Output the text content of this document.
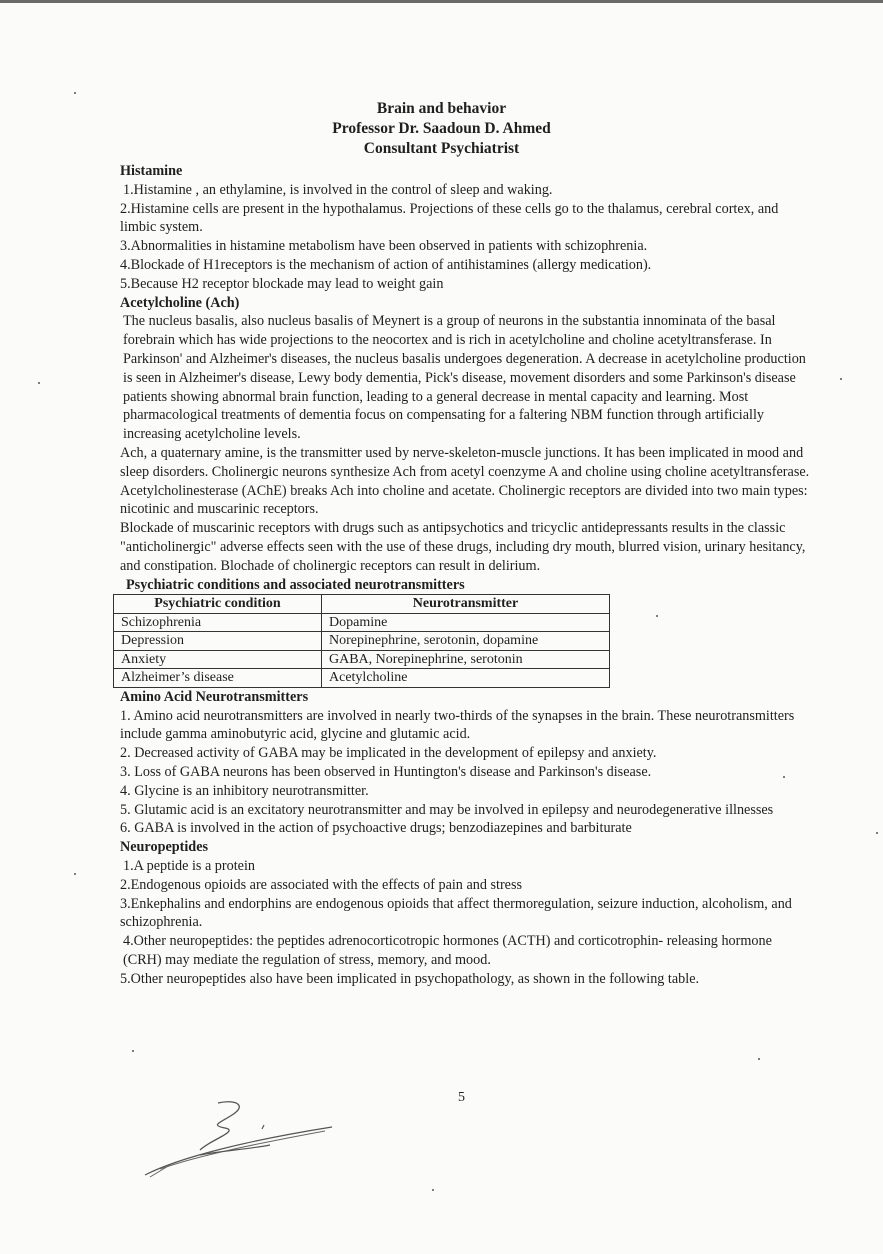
Brain and behavior
Professor Dr. Saadoun D. Ahmed
Consultant Psychiatrist
Histamine

1.Histamine , an ethylamine, is involved in the control of sleep and waking.

2.Histamine cells are present in the hypothalamus. Projections of these cells go to the thalamus, cerebral cortex, and limbic system.

3.Abnormalities in histamine metabolism have been observed in patients with schizophrenia.

4.Blockade of H1receptors is the mechanism of action of antihistamines (allergy medication).

5.Because H2 receptor blockade may lead to weight gain

Acetylcholine (Ach)

The nucleus basalis, also nucleus basalis of Meynert is a group of neurons in the substantia innominata of the basal forebrain which has wide projections to the neocortex and is rich in acetylcholine and choline acetyltransferase. In Parkinson' and Alzheimer's diseases, the nucleus basalis undergoes degeneration. A decrease in acetylcholine production is seen in Alzheimer's disease, Lewy body dementia, Pick's disease, movement disorders and some Parkinson's disease patients showing abnormal brain function, leading to a general decrease in mental capacity and learning. Most pharmacological treatments of dementia focus on compensating for a faltering NBM function through artificially increasing acetylcholine levels.

Ach, a quaternary amine, is the transmitter used by nerve-skeleton-muscle junctions. It has been implicated in mood and sleep disorders. Cholinergic neurons synthesize Ach from acetyl coenzyme A and choline using choline acetyltransferase. Acetylcholinesterase (AChE) breaks Ach into choline and acetate. Cholinergic receptors are divided into two main types: nicotinic and muscarinic receptors.

Blockade of muscarinic receptors with drugs such as antipsychotics and tricyclic antidepressants results in the classic "anticholinergic" adverse effects seen with the use of these drugs, including dry mouth, blurred vision, urinary hesitancy, and constipation. Blochade of cholinergic receptors can result in delirium.

Psychiatric conditions and associated neurotransmitters
Psychiatric condition	Neurotransmitter
Schizophrenia	Dopamine
Depression	Norepinephrine, serotonin, dopamine
Anxiety	GABA, Norepinephrine, serotonin
Alzheimer’s disease	Acetylcholine
Amino Acid Neurotransmitters

1. Amino acid neurotransmitters are involved in nearly two-thirds of the synapses in the brain. These neurotransmitters include gamma aminobutyric acid, glycine and glutamic acid.

2. Decreased activity of GABA may be implicated in the development of epilepsy and anxiety.

3. Loss of GABA neurons has been observed in Huntington's disease and Parkinson's disease.

4. Glycine is an inhibitory neurotransmitter.

5. Glutamic acid is an excitatory neurotransmitter and may be involved in epilepsy and neurodegenerative illnesses

6. GABA is involved in the action of psychoactive drugs; benzodiazepines and barbiturate

Neuropeptides

1.A peptide is a protein

2.Endogenous opioids are associated with the effects of pain and stress

3.Enkephalins and endorphins are endogenous opioids that affect thermoregulation, seizure induction, alcoholism, and schizophrenia.

4.Other neuropeptides: the peptides adrenocorticotropic hormones (ACTH) and corticotrophin- releasing hormone (CRH) may mediate the regulation of stress, memory, and mood.

5.Other neuropeptides also have been implicated in psychopathology, as shown in the following table.

5
